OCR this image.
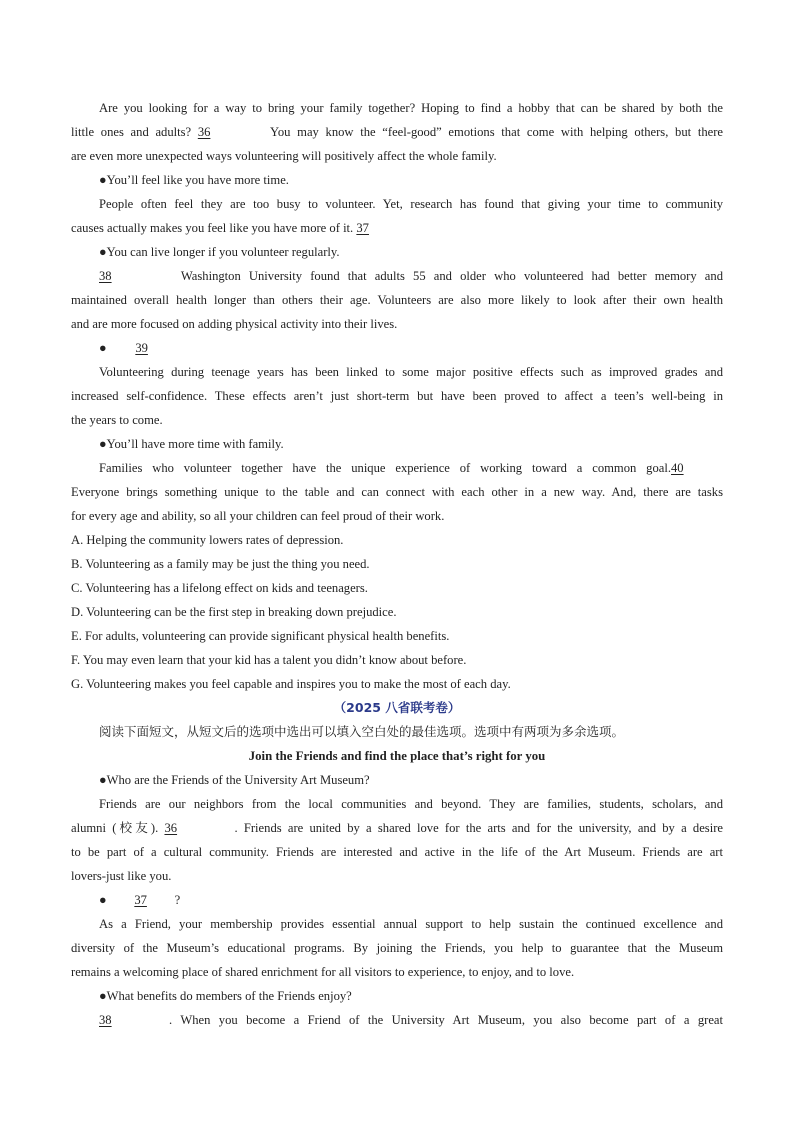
Are you looking for a way to bring your family together? Hoping to find a hobby that can be shared by both the

little ones and adults? 36	You may know the “feel-good” emotions that come with helping others, but there

are even more unexpected ways volunteering will positively affect the whole family.

●You’ll feel like you have more time.

People often feel they are too busy to volunteer. Yet, research has found that giving your time to community

causes actually makes you feel like you have more of it. 37

●You can live longer if you volunteer regularly.

38	Washington University found that adults 55 and older who volunteered had better memory and

maintained overall health longer than others their age. Volunteers are also more likely to look after their own health

and are more focused on adding physical activity into their lives.

● 39

Volunteering during teenage years has been linked to some major positive effects such as improved grades and

increased self-confidence. These effects aren’t just short-term but have been proved to affect a teen’s well-being in

the years to come.

●You’ll have more time with family.

Families who volunteer together have the unique experience of working toward a common goal.40

Everyone brings something unique to the table and can connect with each other in a new way. And, there are tasks

for every age and ability, so all your children can feel proud of their work.

A. Helping the community lowers rates of depression.

B. Volunteering as a family may be just the thing you need.

C. Volunteering has a lifelong effect on kids and teenagers.

D. Volunteering can be the first step in breaking down prejudice.

E. For adults, volunteering can provide significant physical health benefits.

F. You may even learn that your kid has a talent you didn’t know about before.

G. Volunteering makes you feel capable and inspires you to make the most of each day.

（2025 八省联考卷）

阅读下面短文，从短文后的选项中选出可以填入空白处的最佳选项。选项中有两项为多余选项。

Join the Friends and find the place that’s right for you

●Who are the Friends of the University Art Museum?

Friends are our neighbors from the local communities and beyond. They are families, students, scholars, and

alumni (校友). 36	. Friends are united by a shared love for the arts and for the university, and by a desire

to be part of a cultural community. Friends are interested and active in the life of the Art Museum. Friends are art

lovers-just like you.

● 37 ?

As a Friend, your membership provides essential annual support to help sustain the continued excellence and

diversity of the Museum’s educational programs. By joining the Friends, you help to guarantee that the Museum

remains a welcoming place of shared enrichment for all visitors to experience, to enjoy, and to love.

●What benefits do members of the Friends enjoy?

38	. When you become a Friend of the University Art Museum, you also become part of a great
